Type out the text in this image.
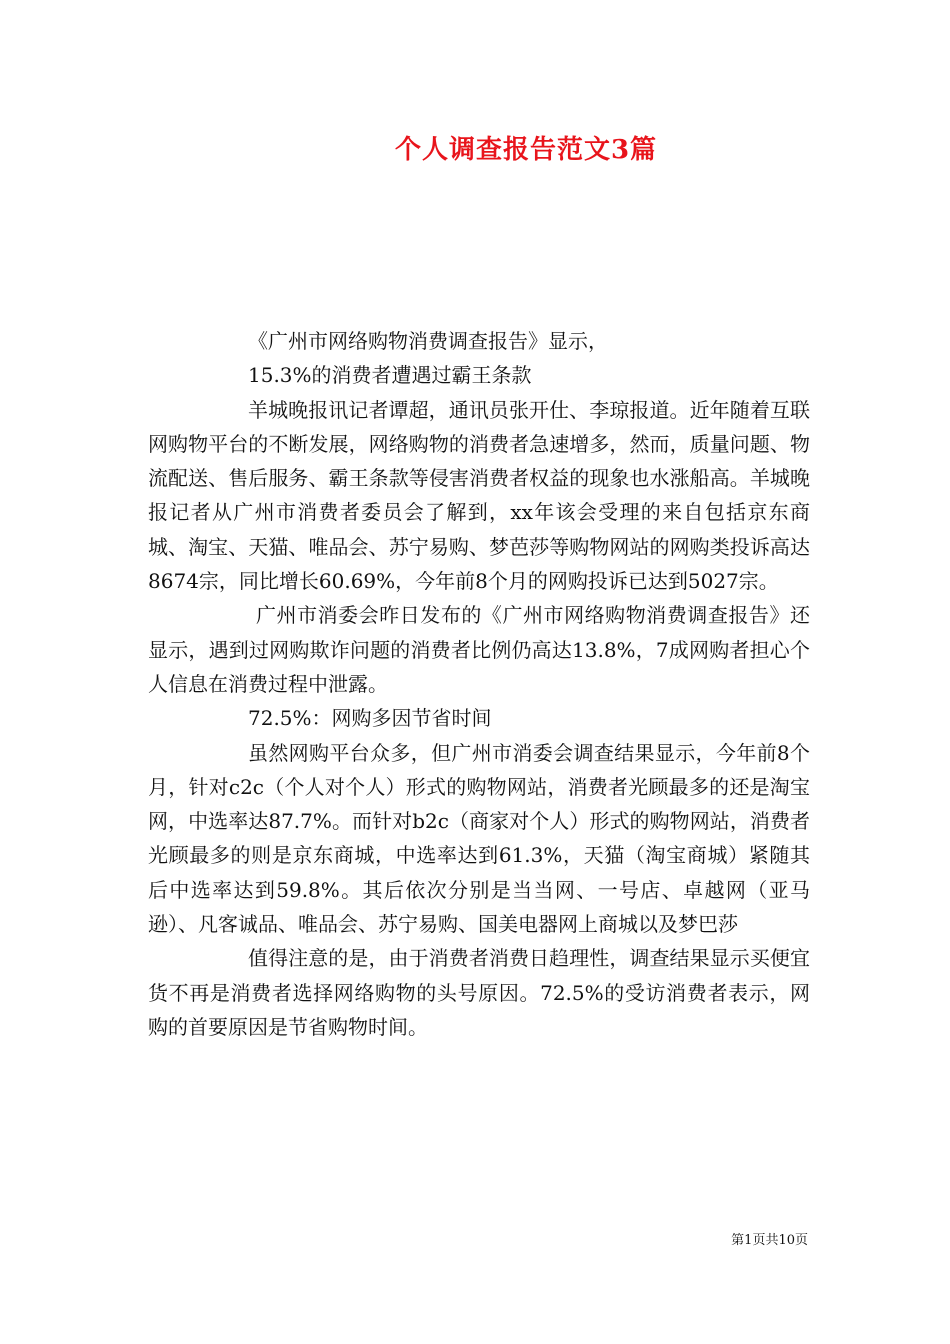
个人调查报告范文3篇

《广州市网络购物消费调查报告》显示，

15.3%的消费者遭遇过霸王条款

羊城晚报讯记者谭超，通讯员张开仕、李琼报道。近年随着互联网购物平台的不断发展，网络购物的消费者急速增多，然而，质量问题、物流配送、售后服务、霸王条款等侵害消费者权益的现象也水涨船高。羊城晚报记者从广州市消费者委员会了解到，xx年该会受理的来自包括京东商城、淘宝、天猫、唯品会、苏宁易购、梦芭莎等购物网站的网购类投诉高达8674宗，同比增长60.69%，今年前8个月的网购投诉已达到5027宗。

广州市消委会昨日发布的《广州市网络购物消费调查报告》还显示，遇到过网购欺诈问题的消费者比例仍高达13.8%，7成网购者担心个人信息在消费过程中泄露。

72.5%：网购多因节省时间

虽然网购平台众多，但广州市消委会调查结果显示，今年前8个月，针对c2c（个人对个人）形式的购物网站，消费者光顾最多的还是淘宝网，中选率达87.7%。而针对b2c（商家对个人）形式的购物网站，消费者光顾最多的则是京东商城，中选率达到61.3%，天猫（淘宝商城）紧随其后中选率达到59.8%。其后依次分别是当当网、一号店、卓越网（亚马逊）、凡客诚品、唯品会、苏宁易购、国美电器网上商城以及梦巴莎

值得注意的是，由于消费者消费日趋理性，调查结果显示买便宜货不再是消费者选择网络购物的头号原因。72.5%的受访消费者表示，网购的首要原因是节省购物时间。

第1页共10页
